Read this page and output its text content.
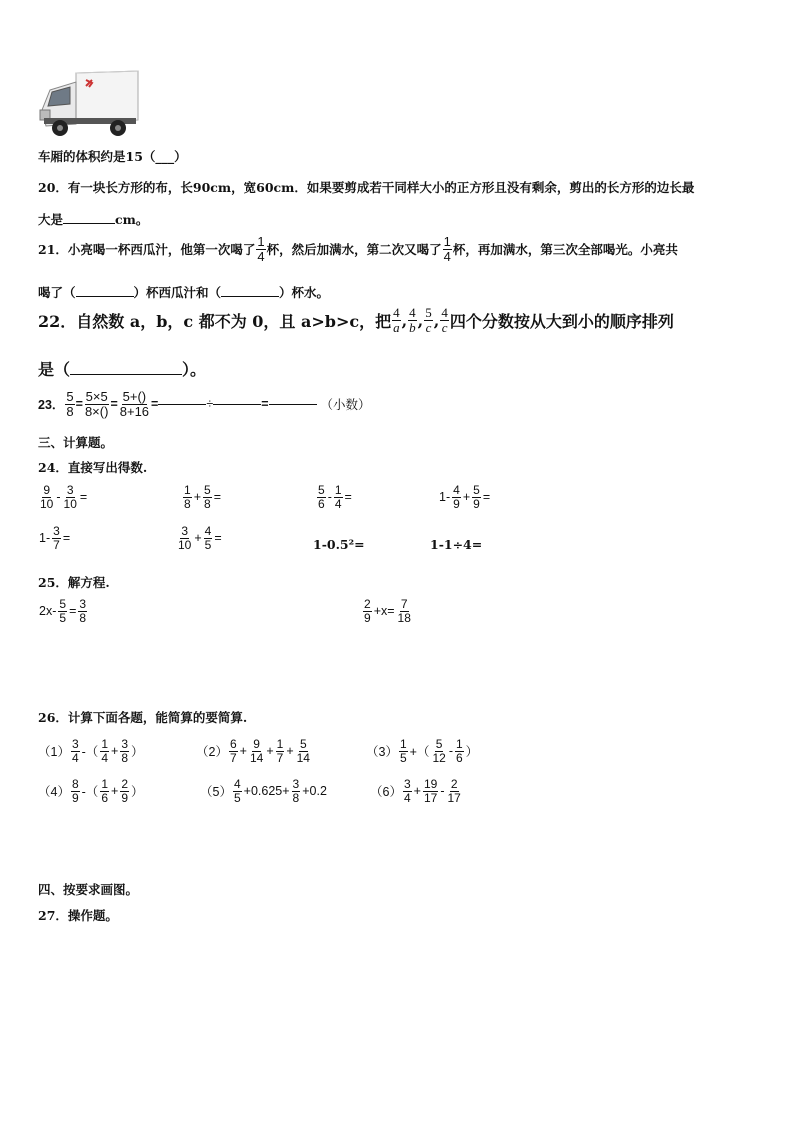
车厢的体积约是15（___）
20．有一块长方形的布，长90cm，宽60cm．如果要剪成若干同样大小的正方形且没有剩余，剪出的长方形的边长最
大是	cm。
21．小亮喝一杯西瓜汁，他第一次喝了 $\frac{1}{4}$ 杯，然后加满水，第二次又喝了 $\frac{1}{4}$ 杯，再加满水，第三次全部喝光。小亮共
喝了（	）杯西瓜汁和（	）杯水。
22．自然数 a，b，c 都不为 0，且 a>b>c，把 $\frac{4}{a}$ , $\frac{4}{b}$ , $\frac{5}{c}$ , $\frac{4}{c}$ 四个分数按从大到小的顺序排列
是（	）。
23． $\frac{5}{8} = \frac{5\times 5}{8\times()} = \frac{5+()}{8+16}$ =	÷	=	（小数）
三、计算题。
24．直接写出得数.
$\frac{9}{10} - \frac{3}{10}$ =	$\frac{1}{8} + \frac{5}{8}$ =	$\frac{5}{6} - \frac{1}{4}$ =	$1- \frac{4}{9} + \frac{5}{9}$ =
$1- \frac{3}{7}$ =	$\frac{3}{10} + \frac{4}{5}$ =	1-0.5²=	1-1÷4=
25．解方程.
$2x- \frac{5}{5} = \frac{3}{8}$	$\frac{2}{9} +x= \frac{7}{18}$
26．计算下面各题，能简算的要简算.
$(1) \frac{3}{4}$ -（ $\frac{1}{4} + \frac{3}{8}$ ）	$(2) \frac{6}{7} + \frac{9}{14} + \frac{1}{7} + \frac{5}{14}$	$(3) \frac{1}{5}$ +（ $\frac{5}{12} - \frac{1}{6}$ ）
$(4) \frac{8}{9}$ -（ $\frac{1}{6} + \frac{2}{9}$ ）	$(5) \frac{4}{5} +0.625+ \frac{3}{8} +0.2$	$(6) \frac{3}{4} + \frac{19}{17} - \frac{2}{17}$
四、按要求画图。
27．操作题。
